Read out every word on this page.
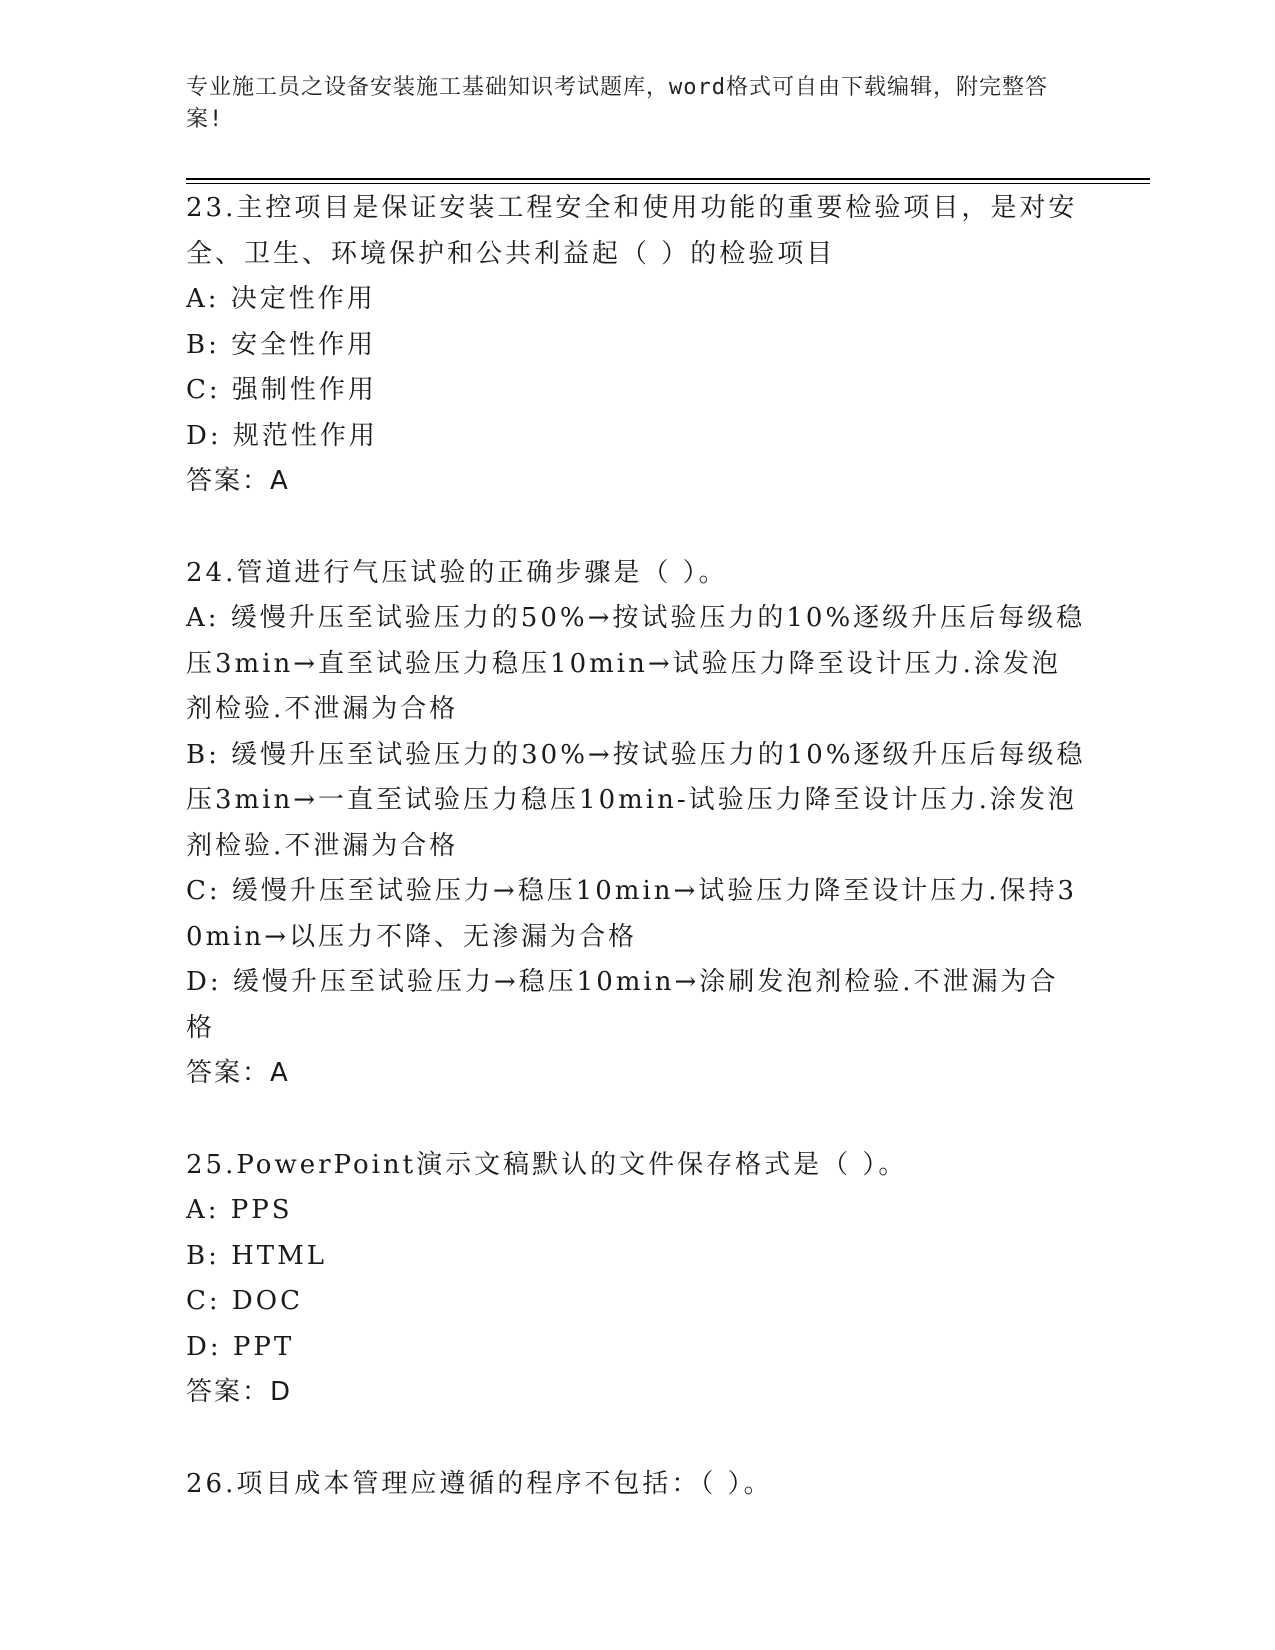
专业施工员之设备安装施工基础知识考试题库，word格式可自由下载编辑，附完整答案!
23.主控项目是保证安装工程安全和使用功能的重要检验项目，是对安全、卫生、环境保护和公共利益起（ ）的检验项目
A: 决定性作用
B: 安全性作用
C: 强制性作用
D: 规范性作用
答案：A
24.管道进行气压试验的正确步骤是（ ）。
A: 缓慢升压至试验压力的50%→按试验压力的10%逐级升压后每级稳压3min→直至试验压力稳压10min→试验压力降至设计压力.涂发泡剂检验.不泄漏为合格
B: 缓慢升压至试验压力的30%→按试验压力的10%逐级升压后每级稳压3min→一直至试验压力稳压10min-试验压力降至设计压力.涂发泡剂检验.不泄漏为合格
C: 缓慢升压至试验压力→稳压10min→试验压力降至设计压力.保持30min→以压力不降、无渗漏为合格
D: 缓慢升压至试验压力→稳压10min→涂刷发泡剂检验.不泄漏为合格
答案：A
25.PowerPoint演示文稿默认的文件保存格式是（ ）。
A: PPS
B: HTML
C: DOC
D: PPT
答案：D
26.项目成本管理应遵循的程序不包括：（ ）。
